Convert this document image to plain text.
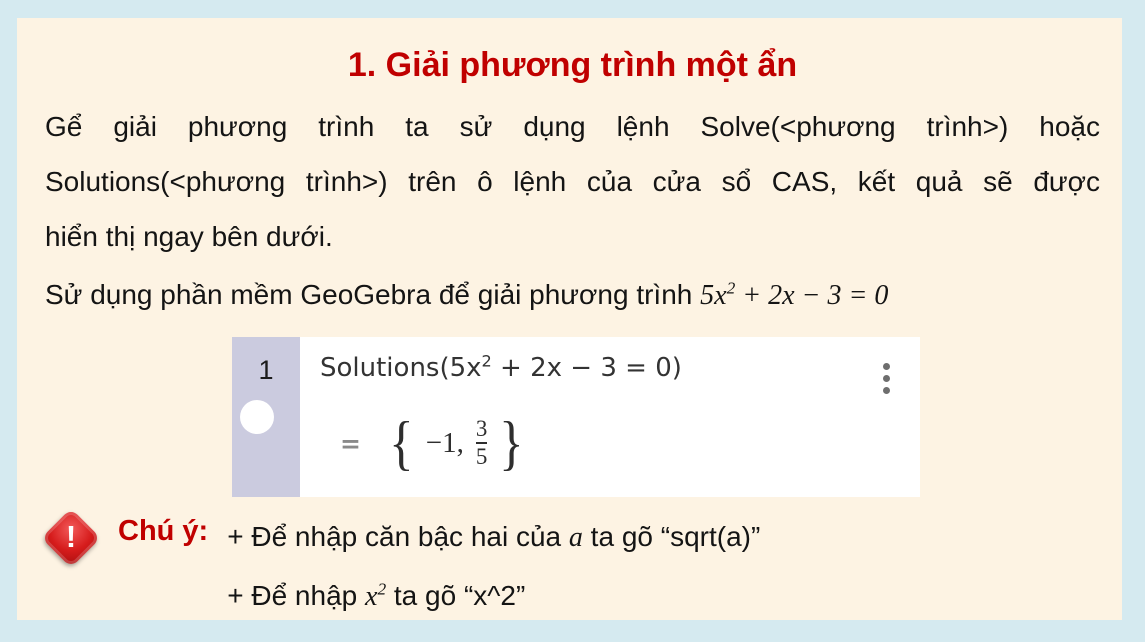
1. Giải phương trình một ẩn
Gể giải phương trình ta sử dụng lệnh Solve(<phương trình>) hoặc
Solutions(<phương trình>) trên ô lệnh của cửa sổ CAS, kết quả sẽ được
hiển thị ngay bên dưới.
Sử dụng phần mềm GeoGebra để giải phương trình $5x^2 + 2x - 3 = 0$
1 $Solutions(5x^2 + 2x - 3 = 0)$
= { −1, $\frac{3}{5}$ }
!	Chú ý: + Để nhập căn bậc hai của a ta gõ “sqrt(a)”
+ Để nhập $x^2$ ta gõ “x^2”
